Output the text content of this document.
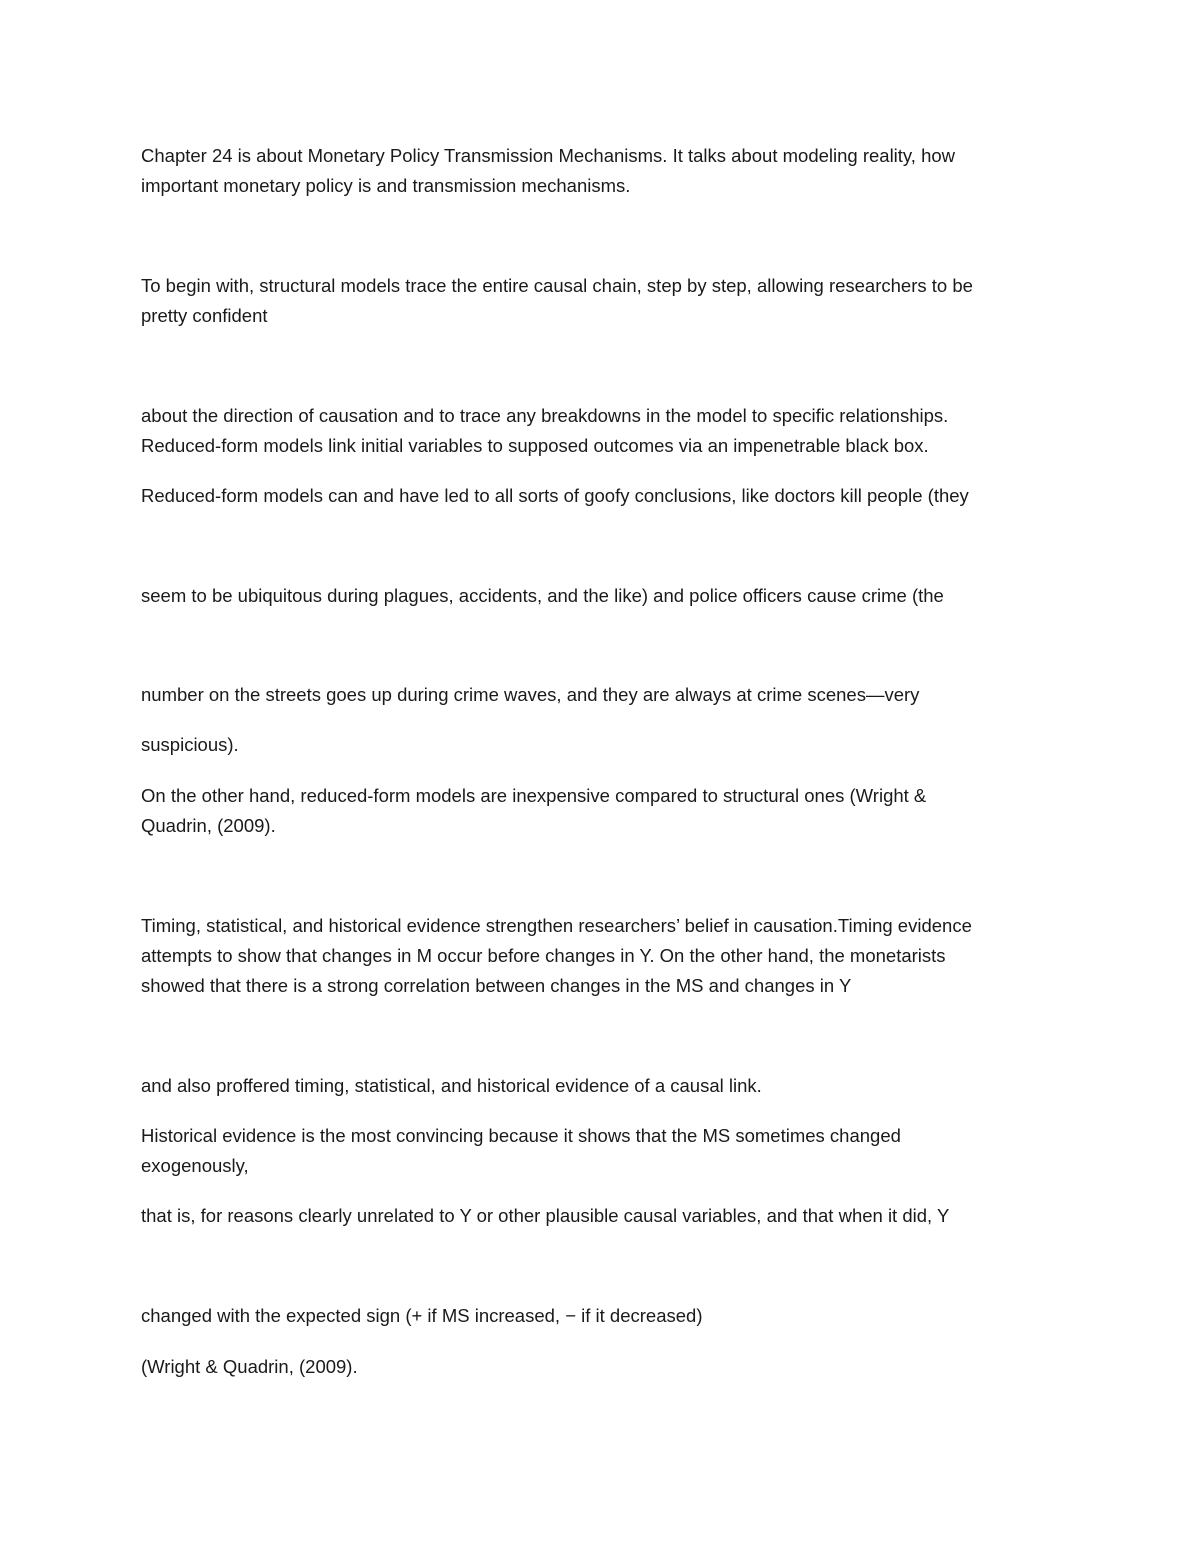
Chapter 24 is about Monetary Policy Transmission Mechanisms. It talks about modeling reality, how
important monetary policy is and transmission mechanisms.
To begin with, structural models trace the entire causal chain, step by step, allowing researchers to be
pretty confident
about the direction of causation and to trace any breakdowns in the model to specific relationships.
Reduced-form models link initial variables to supposed outcomes via an impenetrable black box.
Reduced-form models can and have led to all sorts of goofy conclusions, like doctors kill people (they
seem to be ubiquitous during plagues, accidents, and the like) and police officers cause crime (the
number on the streets goes up during crime waves, and they are always at crime scenes—very
suspicious).
On the other hand, reduced-form models are inexpensive compared to structural ones (Wright &
Quadrin, (2009).
Timing, statistical, and historical evidence strengthen researchers’ belief in causation.Timing evidence
attempts to show that changes in M occur before changes in Y. On the other hand, the monetarists
showed that there is a strong correlation between changes in the MS and changes in Y
and also proffered timing, statistical, and historical evidence of a causal link.
Historical evidence is the most convincing because it shows that the MS sometimes changed
exogenously,
that is, for reasons clearly unrelated to Y or other plausible causal variables, and that when it did, Y
changed with the expected sign (+ if MS increased, − if it decreased)
(Wright & Quadrin, (2009).
